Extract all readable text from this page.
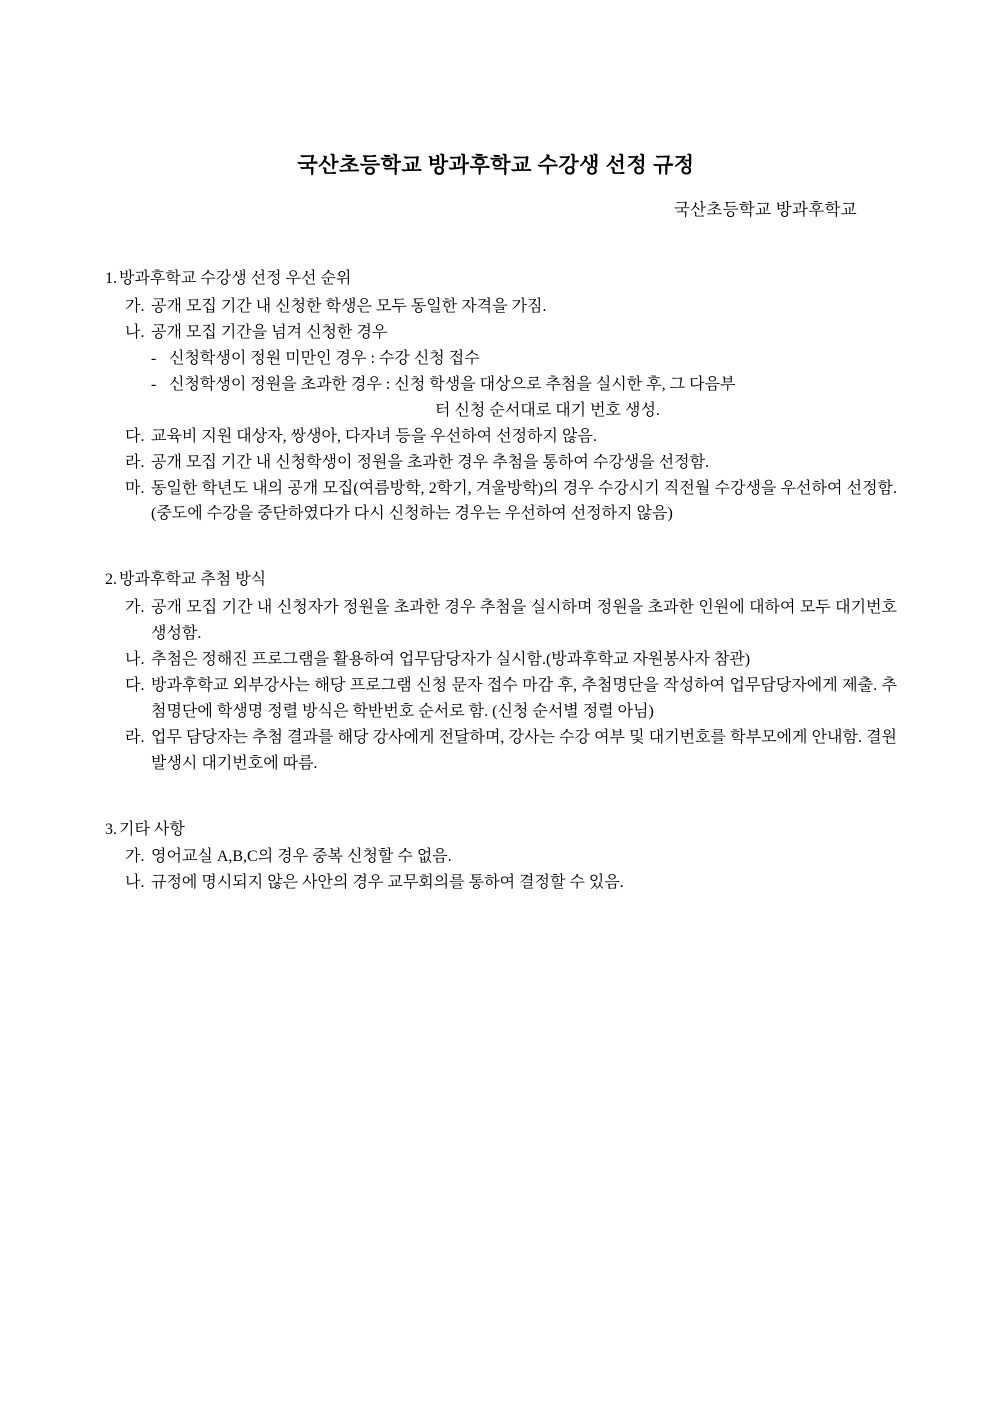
국산초등학교 방과후학교 수강생 선정 규정
국산초등학교 방과후학교
1. 방과후학교 수강생 선정 우선 순위
가. 공개 모집 기간 내 신청한 학생은 모두 동일한 자격을 가짐.
나. 공개 모집 기간을 넘겨 신청한 경우
- 신청학생이 정원 미만인 경우 : 수강 신청 접수
- 신청학생이 정원을 초과한 경우 : 신청 학생을 대상으로 추첨을 실시한 후, 그 다음부
터 신청 순서대로 대기 번호 생성.
다. 교육비 지원 대상자, 쌍생아, 다자녀 등을 우선하여 선정하지 않음.
라. 공개 모집 기간 내 신청학생이 정원을 초과한 경우 추첨을 통하여 수강생을 선정함.
마. 동일한 학년도 내의 공개 모집(여름방학, 2학기, 겨울방학)의 경우 수강시기 직전월 수강생을 우선하여 선정함. (중도에 수강을 중단하였다가 다시 신청하는 경우는 우선하여 선정하지 않음)
2. 방과후학교 추첨 방식
가. 공개 모집 기간 내 신청자가 정원을 초과한 경우 추첨을 실시하며 정원을 초과한 인원에 대하여 모두 대기번호 생성함.
나. 추첨은 정해진 프로그램을 활용하여 업무담당자가 실시함.(방과후학교 자원봉사자 참관)
다. 방과후학교 외부강사는 해당 프로그램 신청 문자 접수 마감 후, 추첨명단을 작성하여 업무담당자에게 제출. 추첨명단에 학생명 정렬 방식은 학반번호 순서로 함. (신청 순서별 정렬 아님)
라. 업무 담당자는 추첨 결과를 해당 강사에게 전달하며, 강사는 수강 여부 및 대기번호를 학부모에게 안내함. 결원 발생시 대기번호에 따름.
3. 기타 사항
가. 영어교실 A,B,C의 경우 중복 신청할 수 없음.
나. 규정에 명시되지 않은 사안의 경우 교무회의를 통하여 결정할 수 있음.
